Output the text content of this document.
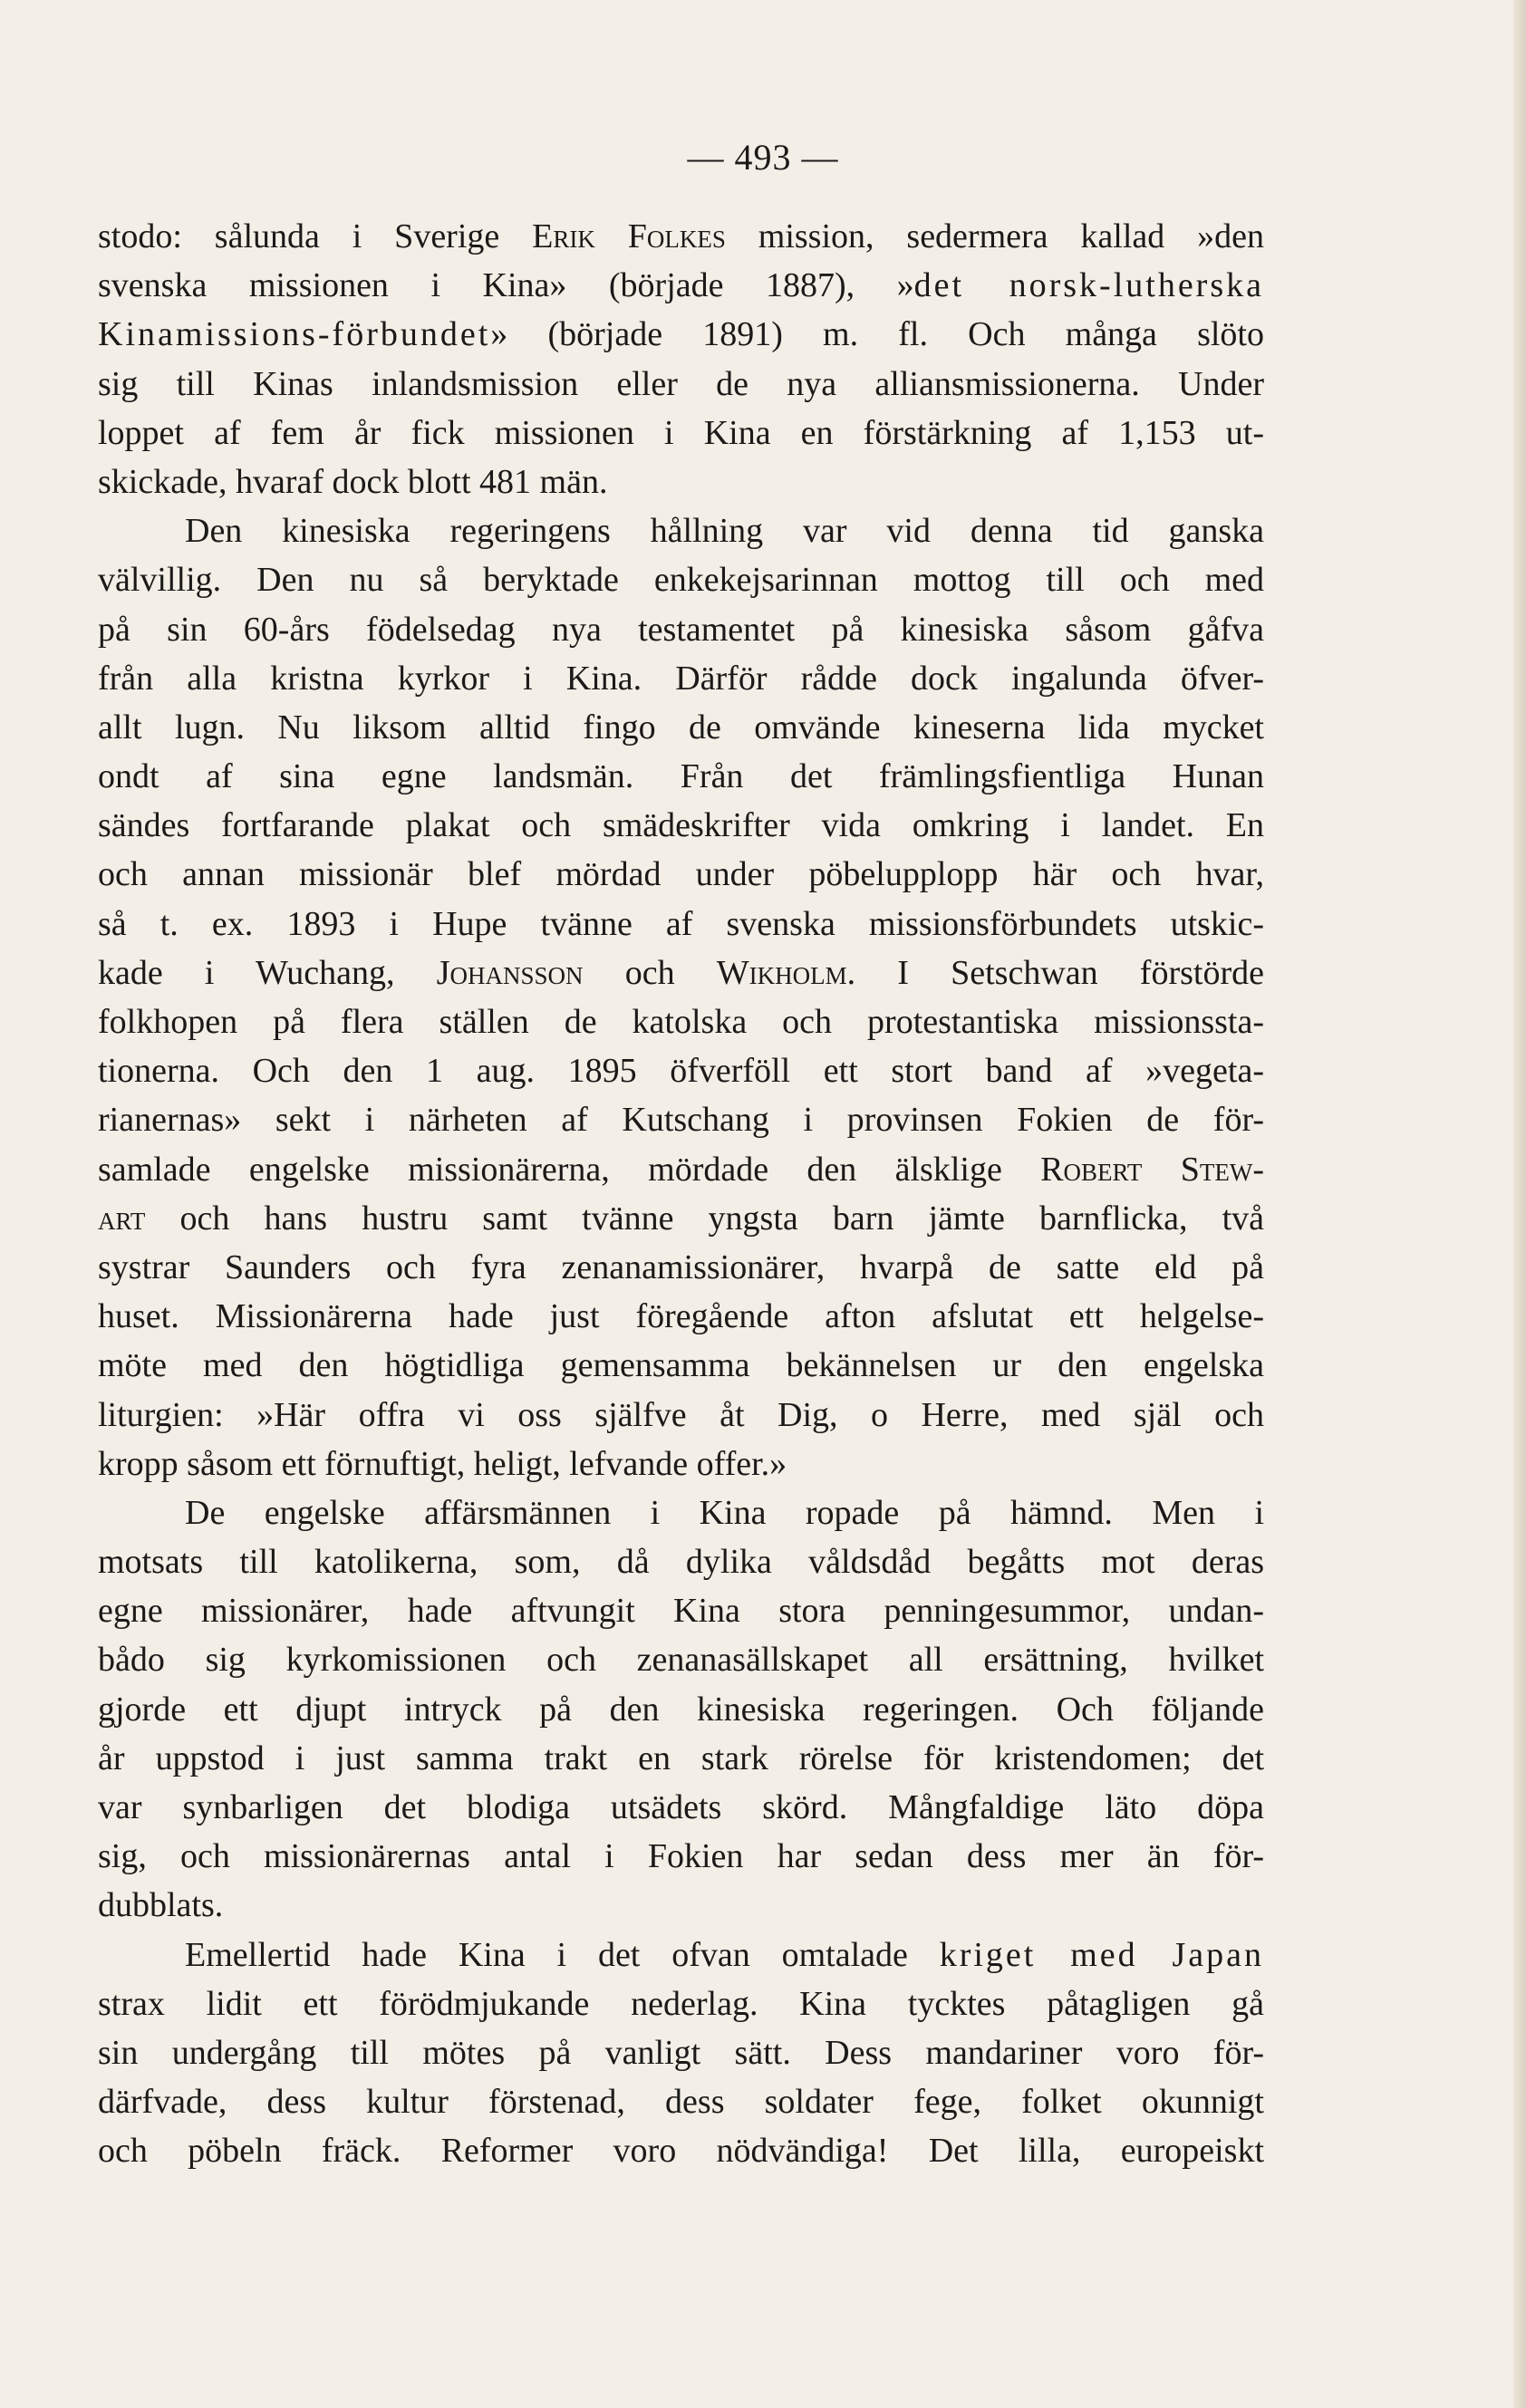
— 493 —
stodo: sålunda i Sverige Erik Folkes mission, sedermera kallad »den
svenska missionen i Kina» (började 1887), »det norsk-lutherska
Kinamissions-förbundet» (började 1891) m. fl. Och många slöto
sig till Kinas inlandsmission eller de nya alliansmissionerna. Under
loppet af fem år fick missionen i Kina en förstärkning af 1,153 ut-
skickade, hvaraf dock blott 481 män.
Den kinesiska regeringens hållning var vid denna tid ganska
välvillig. Den nu så beryktade enkekejsarinnan mottog till och med
på sin 60-års födelsedag nya testamentet på kinesiska såsom gåfva
från alla kristna kyrkor i Kina. Därför rådde dock ingalunda öfver-
allt lugn. Nu liksom alltid fingo de omvände kineserna lida mycket
ondt af sina egne landsmän. Från det främlingsfientliga Hunan
sändes fortfarande plakat och smädeskrifter vida omkring i landet. En
och annan missionär blef mördad under pöbelupplopp här och hvar,
så t. ex. 1893 i Hupe tvänne af svenska missionsförbundets utskic-
kade i Wuchang, Johansson och Wikholm. I Setschwan förstörde
folkhopen på flera ställen de katolska och protestantiska missionssta-
tionerna. Och den 1 aug. 1895 öfverföll ett stort band af »vegeta-
rianernas» sekt i närheten af Kutschang i provinsen Fokien de för-
samlade engelske missionärerna, mördade den älsklige Robert Stew-
art och hans hustru samt tvänne yngsta barn jämte barnflicka, två
systrar Saunders och fyra zenanamissionärer, hvarpå de satte eld på
huset. Missionärerna hade just föregående afton afslutat ett helgelse-
möte med den högtidliga gemensamma bekännelsen ur den engelska
liturgien: »Här offra vi oss själfve åt Dig, o Herre, med själ och
kropp såsom ett förnuftigt, heligt, lefvande offer.»
De engelske affärsmännen i Kina ropade på hämnd. Men i
motsats till katolikerna, som, då dylika våldsdåd begåtts mot deras
egne missionärer, hade aftvungit Kina stora penningesummor, undan-
bådo sig kyrkomissionen och zenanasällskapet all ersättning, hvilket
gjorde ett djupt intryck på den kinesiska regeringen. Och följande
år uppstod i just samma trakt en stark rörelse för kristendomen; det
var synbarligen det blodiga utsädets skörd. Mångfaldige läto döpa
sig, och missionärernas antal i Fokien har sedan dess mer än för-
dubblats.
Emellertid hade Kina i det ofvan omtalade kriget med Japan
strax lidit ett förödmjukande nederlag. Kina tycktes påtagligen gå
sin undergång till mötes på vanligt sätt. Dess mandariner voro för-
därfvade, dess kultur förstenad, dess soldater fege, folket okunnigt
och pöbeln fräck. Reformer voro nödvändiga! Det lilla, europeiskt
